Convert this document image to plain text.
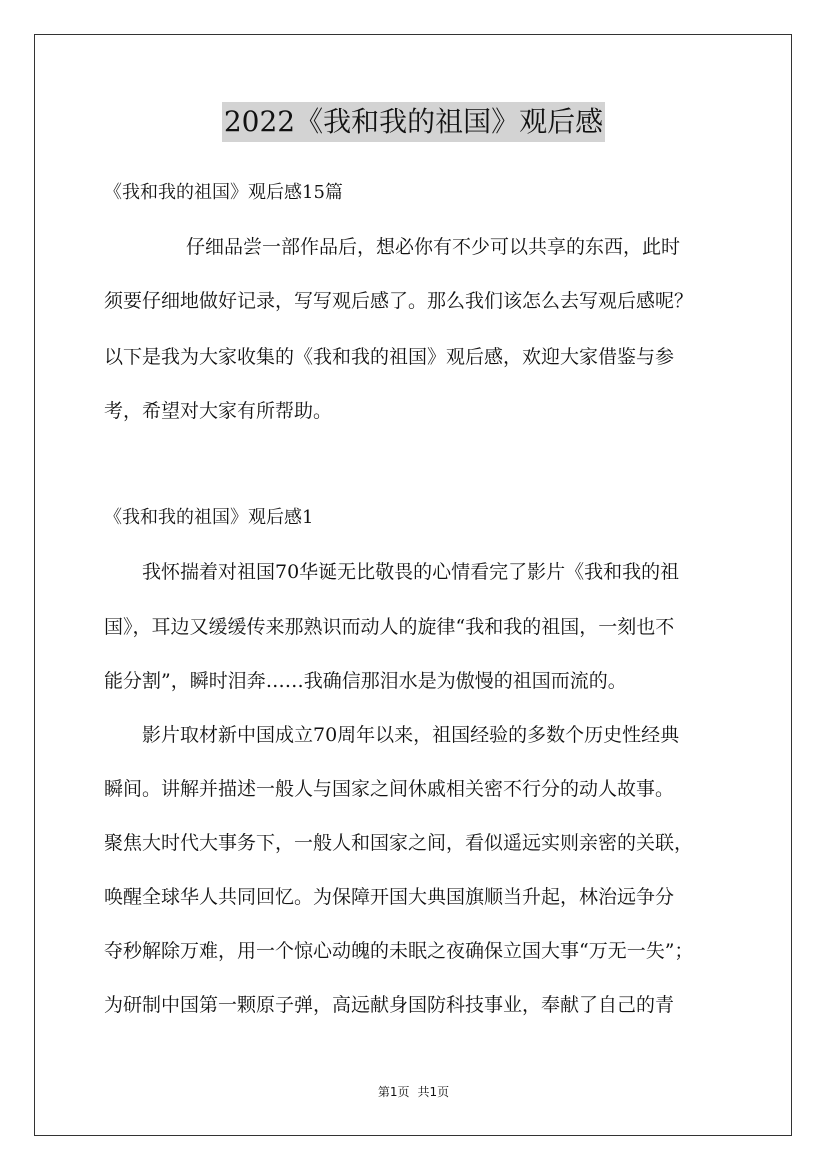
2022《我和我的祖国》观后感
《我和我的祖国》观后感15篇
仔细品尝一部作品后，想必你有不少可以共享的东西，此时
须要仔细地做好记录，写写观后感了。那么我们该怎么去写观后感呢？
以下是我为大家收集的《我和我的祖国》观后感，欢迎大家借鉴与参
考，希望对大家有所帮助。
《我和我的祖国》观后感1
我怀揣着对祖国70华诞无比敬畏的心情看完了影片《我和我的祖
国》，耳边又缓缓传来那熟识而动人的旋律“我和我的祖国，一刻也不
能分割”，瞬时泪奔……我确信那泪水是为傲慢的祖国而流的。
影片取材新中国成立70周年以来，祖国经验的多数个历史性经典
瞬间。讲解并描述一般人与国家之间休戚相关密不行分的动人故事。
聚焦大时代大事务下，一般人和国家之间，看似遥远实则亲密的关联，
唤醒全球华人共同回忆。为保障开国大典国旗顺当升起，林治远争分
夺秒解除万难，用一个惊心动魄的未眠之夜确保立国大事“万无一失”；
为研制中国第一颗原子弹，高远献身国防科技事业，奉献了自己的青
第1页 共1页
